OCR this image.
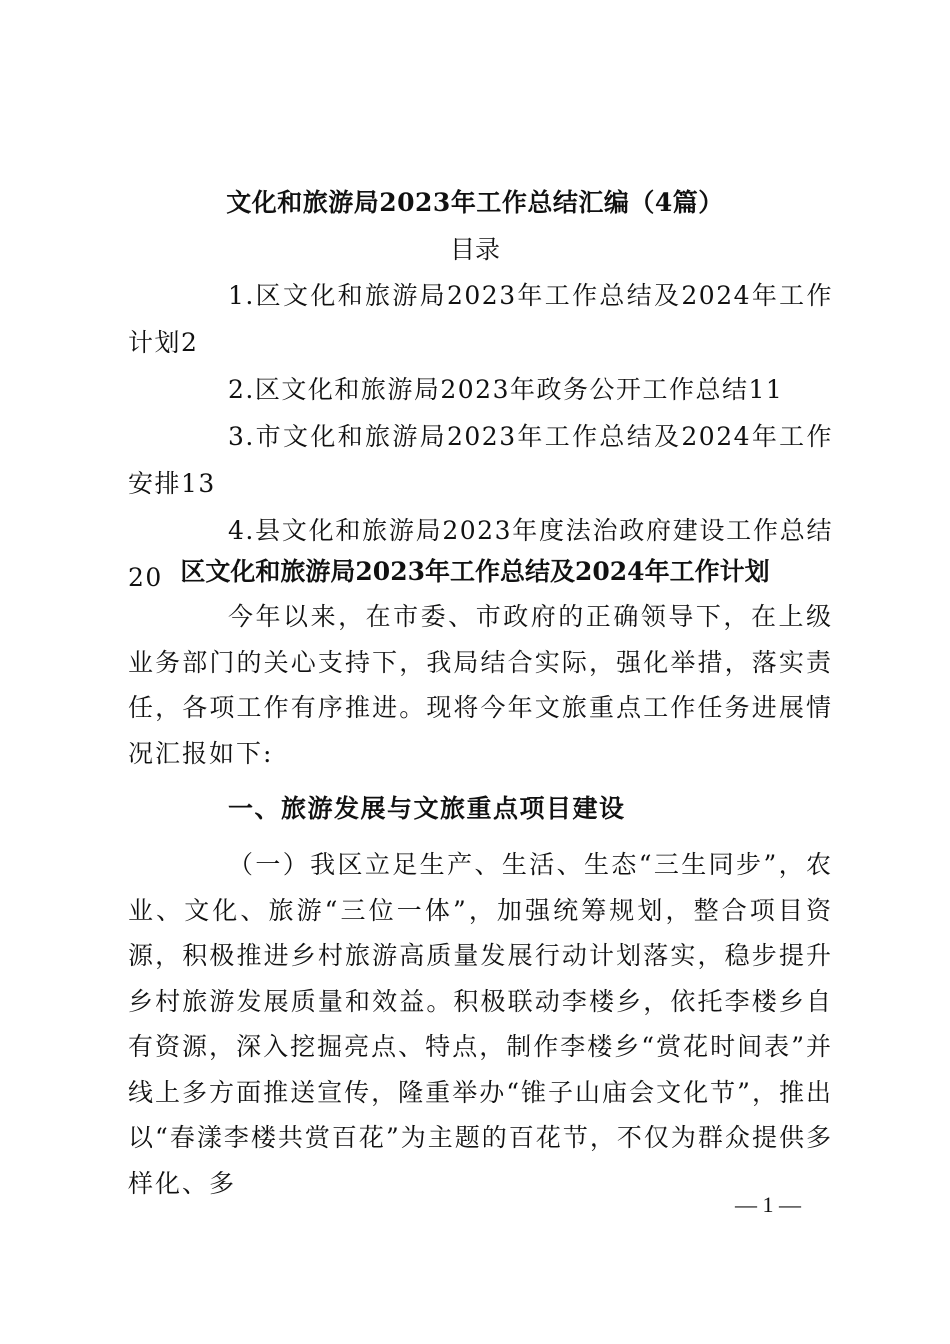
文化和旅游局2023年工作总结汇编（4篇）
目录
1.区文化和旅游局2023年工作总结及2024年工作计划2
2.区文化和旅游局2023年政务公开工作总结11
3.市文化和旅游局2023年工作总结及2024年工作安排13
4.县文化和旅游局2023年度法治政府建设工作总结20 区文化和旅游局2023年工作总结及2024年工作计划

今年以来，在市委、市政府的正确领导下，在上级业务部门的关心支持下，我局结合实际，强化举措，落实责任，各项工作有序推进。现将今年文旅重点工作任务进展情况汇报如下:

一、旅游发展与文旅重点项目建设

（一）我区立足生产、生活、生态“三生同步”，农业、文化、旅游“三位一体”，加强统筹规划，整合项目资源，积极推进乡村旅游高质量发展行动计划落实，稳步提升乡村旅游发展质量和效益。积极联动李楼乡，依托李楼乡自有资源，深入挖掘亮点、特点，制作李楼乡“赏花时间表”并线上多方面推送宣传，隆重举办“锥子山庙会文化节”，推出以“春漾李楼共赏百花”为主题的百花节，不仅为群众提供多样化、多

— 1 —
